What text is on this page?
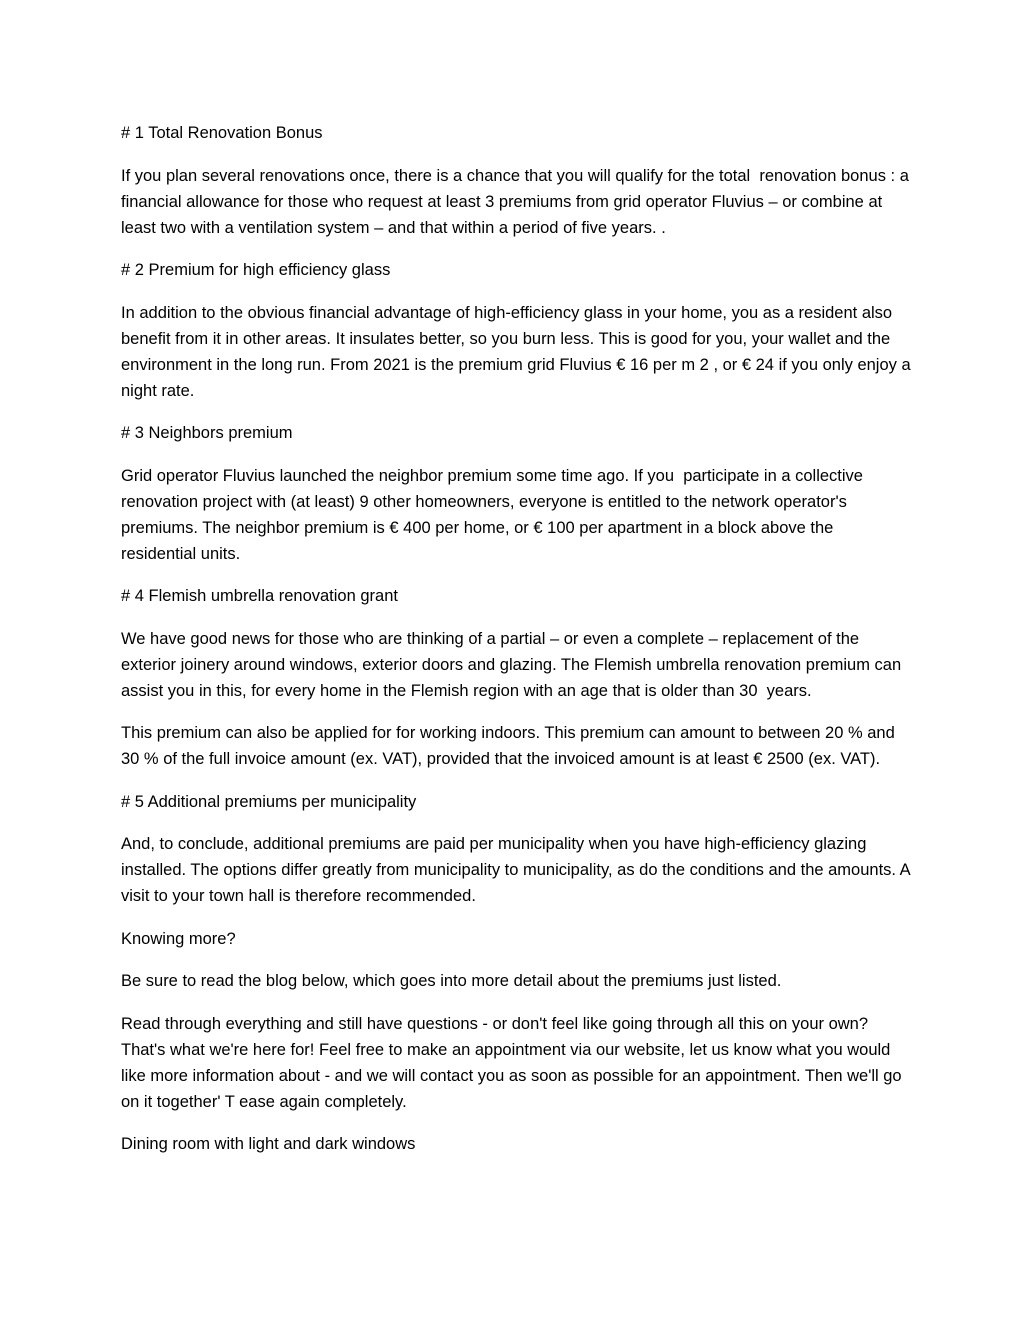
# 1 Total Renovation Bonus

If you plan several renovations once, there is a chance that you will qualify for the total  renovation bonus : a financial allowance for those who request at least 3 premiums from grid operator Fluvius – or combine at least two with a ventilation system – and that within a period of five years. .

# 2 Premium for high efficiency glass

In addition to the obvious financial advantage of high-efficiency glass in your home, you as a resident also benefit from it in other areas. It insulates better, so you burn less. This is good for you, your wallet and the environment in the long run. From 2021 is the premium grid Fluvius € 16 per m 2 , or € 24 if you only enjoy a night rate.

# 3 Neighbors premium

Grid operator Fluvius launched the neighbor premium some time ago. If you  participate in a collective renovation project with (at least) 9 other homeowners, everyone is entitled to the network operator's premiums. The neighbor premium is € 400 per home, or € 100 per apartment in a block above the residential units.

# 4 Flemish umbrella renovation grant

We have good news for those who are thinking of a partial – or even a complete – replacement of the exterior joinery around windows, exterior doors and glazing. The Flemish umbrella renovation premium can assist you in this, for every home in the Flemish region with an age that is older than 30  years.

This premium can also be applied for for working indoors. This premium can amount to between 20 % and 30 % of the full invoice amount (ex. VAT), provided that the invoiced amount is at least € 2500 (ex. VAT).

# 5 Additional premiums per municipality

And, to conclude, additional premiums are paid per municipality when you have high-efficiency glazing installed. The options differ greatly from municipality to municipality, as do the conditions and the amounts. A visit to your town hall is therefore recommended.

Knowing more?

Be sure to read the blog below, which goes into more detail about the premiums just listed.

Read through everything and still have questions - or don't feel like going through all this on your own? That's what we're here for! Feel free to make an appointment via our website, let us know what you would like more information about - and we will contact you as soon as possible for an appointment. Then we'll go on it together' T ease again completely.

Dining room with light and dark windows
